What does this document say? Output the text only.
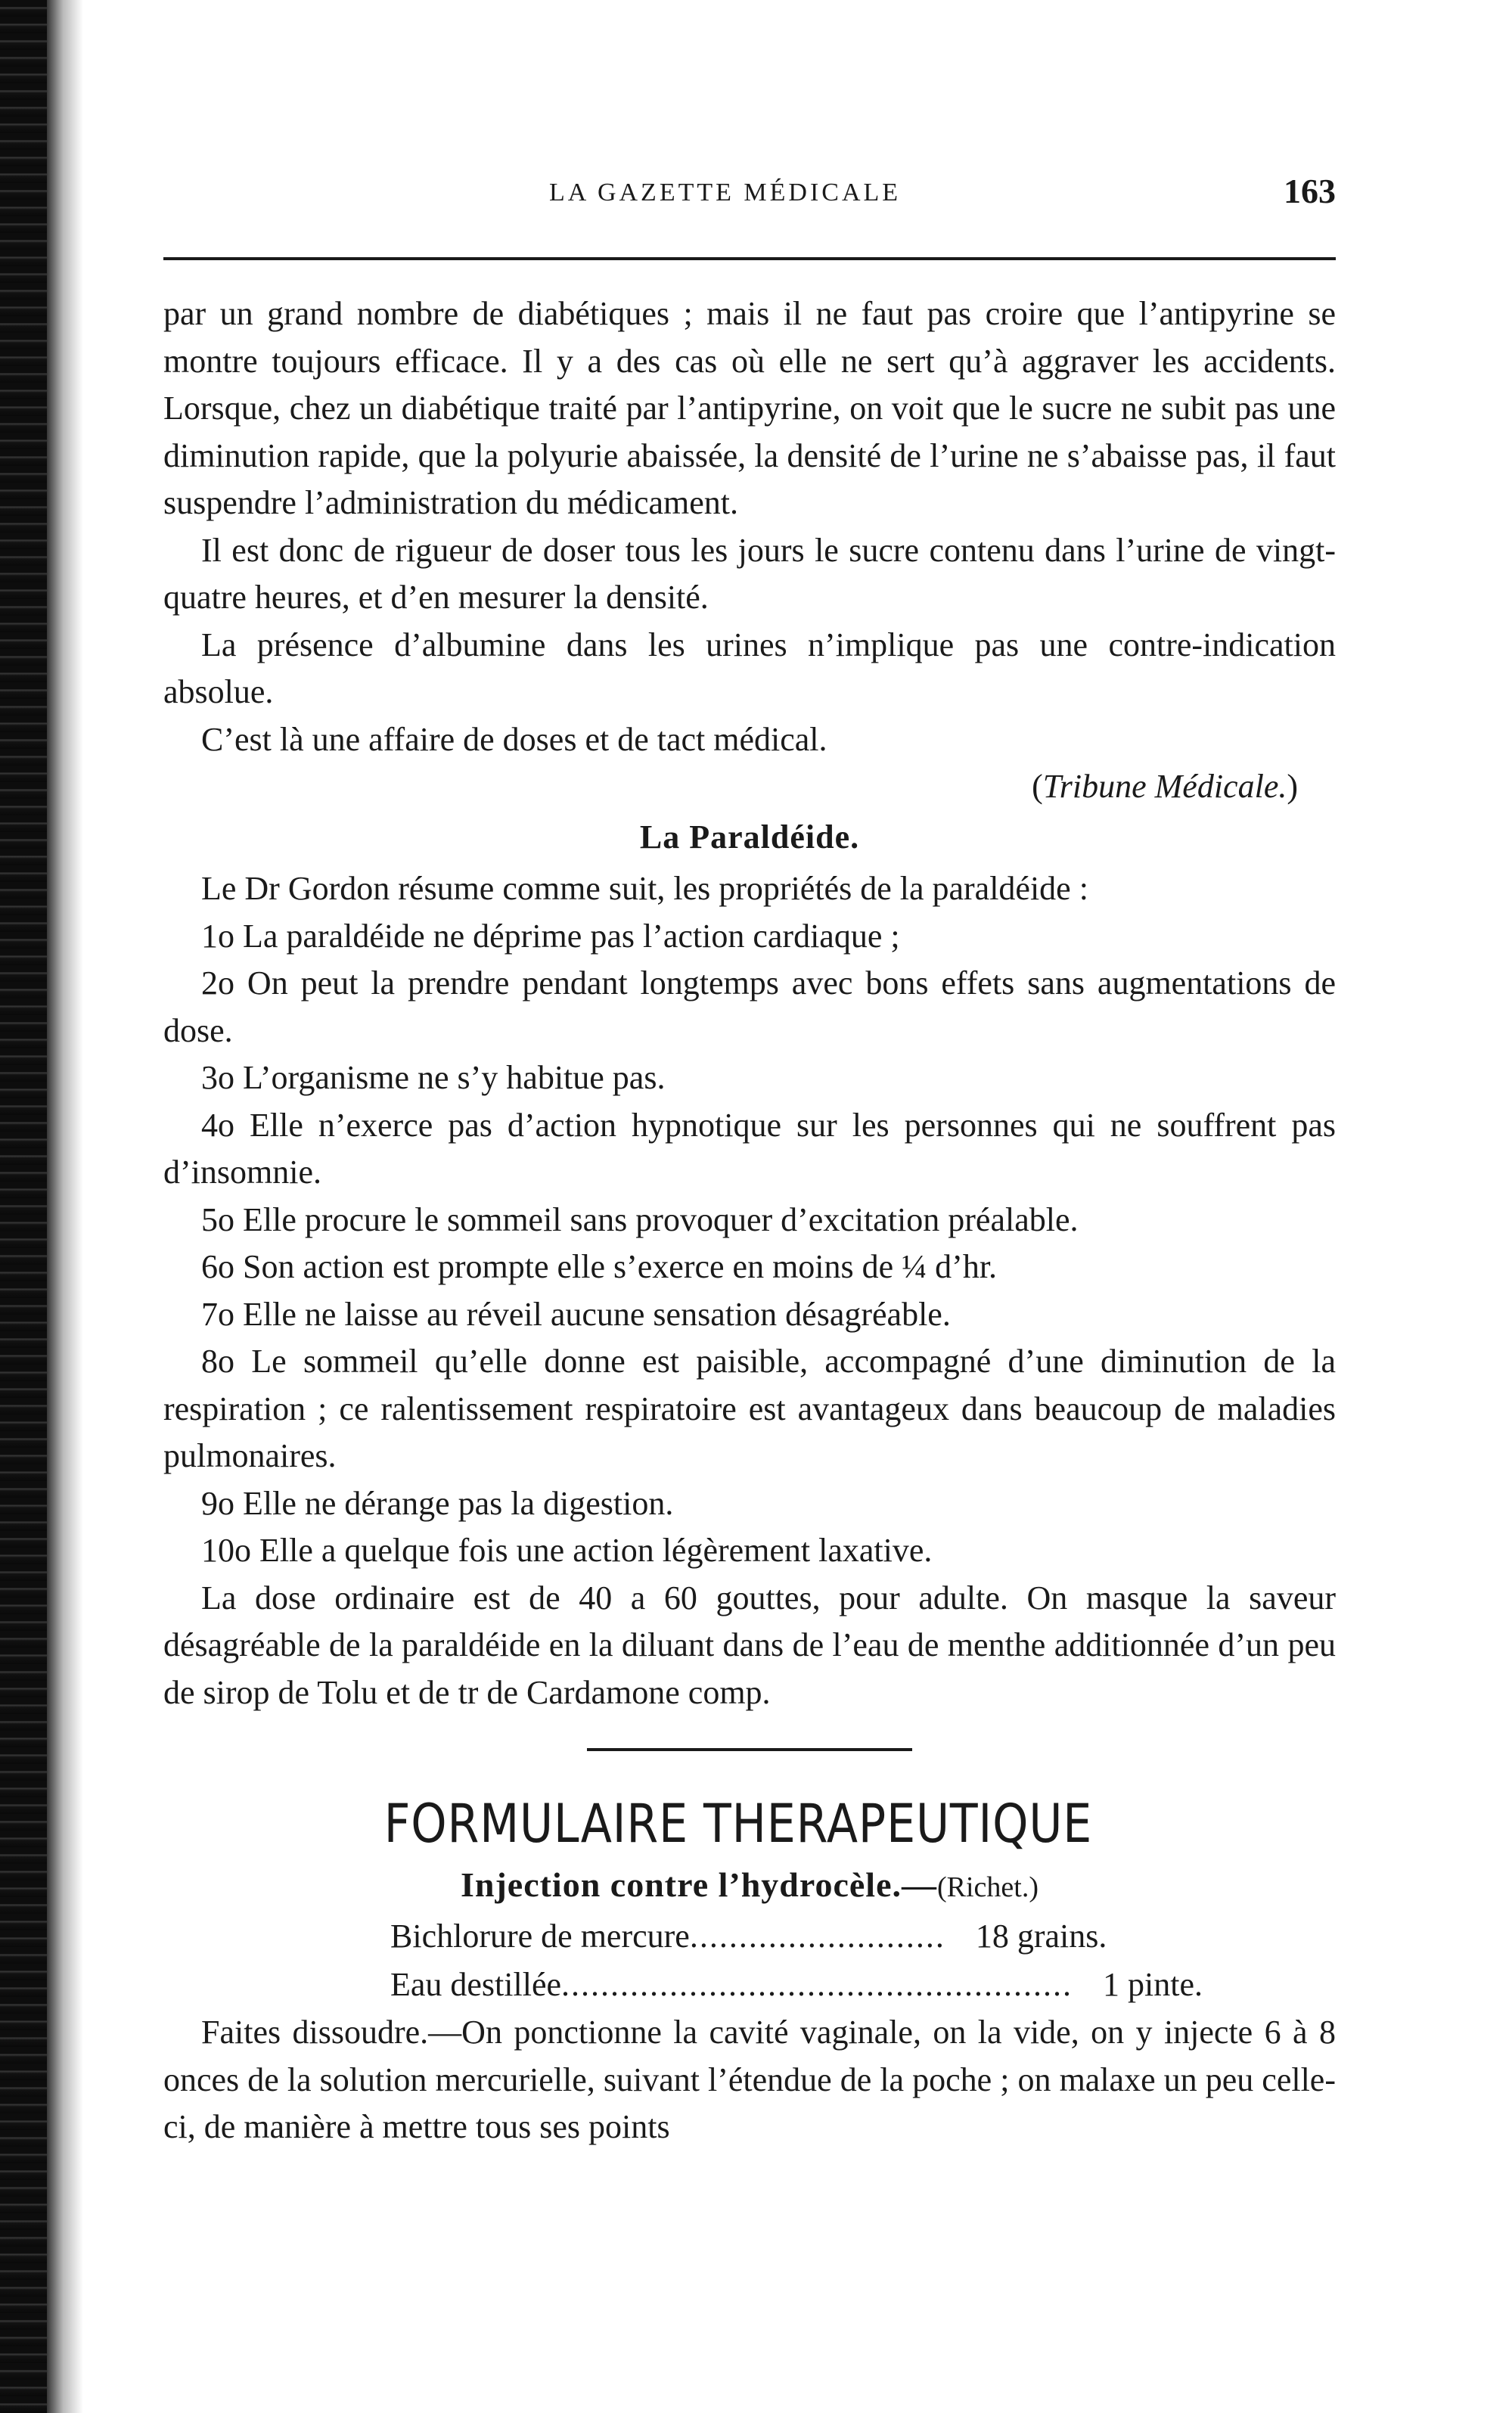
LA GAZETTE MÉDICALE	163

par un grand nombre de diabétiques ; mais il ne faut pas croire que l’antipyrine se montre toujours efficace. Il y a des cas où elle ne sert qu’à aggraver les accidents. Lorsque, chez un diabétique traité par l’antipyrine, on voit que le sucre ne subit pas une diminution rapide, que la polyurie abaissée, la densité de l’urine ne s’abaisse pas, il faut suspendre l’administration du médicament.

Il est donc de rigueur de doser tous les jours le sucre contenu dans l’urine de vingt-quatre heures, et d’en mesurer la densité.

La présence d’albumine dans les urines n’implique pas une contre-indication absolue.

C’est là une affaire de doses et de tact médical.

(Tribune Médicale.)

La Paraldéide.

Le Dr Gordon résume comme suit, les propriétés de la paraldéide :

1o La paraldéide ne déprime pas l’action cardiaque ;

2o On peut la prendre pendant longtemps avec bons effets sans augmentations de dose.

3o L’organisme ne s’y habitue pas.

4o Elle n’exerce pas d’action hypnotique sur les personnes qui ne souffrent pas d’insomnie.

5o Elle procure le sommeil sans provoquer d’excitation préalable.

6o Son action est prompte elle s’exerce en moins de ¼ d’hr.

7o Elle ne laisse au réveil aucune sensation désagréable.

8o Le sommeil qu’elle donne est paisible, accompagné d’une diminution de la respiration ; ce ralentissement respiratoire est avantageux dans beaucoup de maladies pulmonaires.

9o Elle ne dérange pas la digestion.

10o Elle a quelque fois une action légèrement laxative.

La dose ordinaire est de 40 a 60 gouttes, pour adulte. On masque la saveur désagréable de la paraldéide en la diluant dans de l’eau de menthe additionnée d’un peu de sirop de Tolu et de tr de Cardamone comp.

FORMULAIRE THERAPEUTIQUE

Injection contre l’hydrocèle.—(Richet.)

Bichlorure de mercure .......................... 18 grains.
Eau destillée .................................................... 1 pinte.

Faites dissoudre.—On ponctionne la cavité vaginale, on la vide, on y injecte 6 à 8 onces de la solution mercurielle, suivant l’étendue de la poche ; on malaxe un peu celle-ci, de manière à mettre tous ses points
